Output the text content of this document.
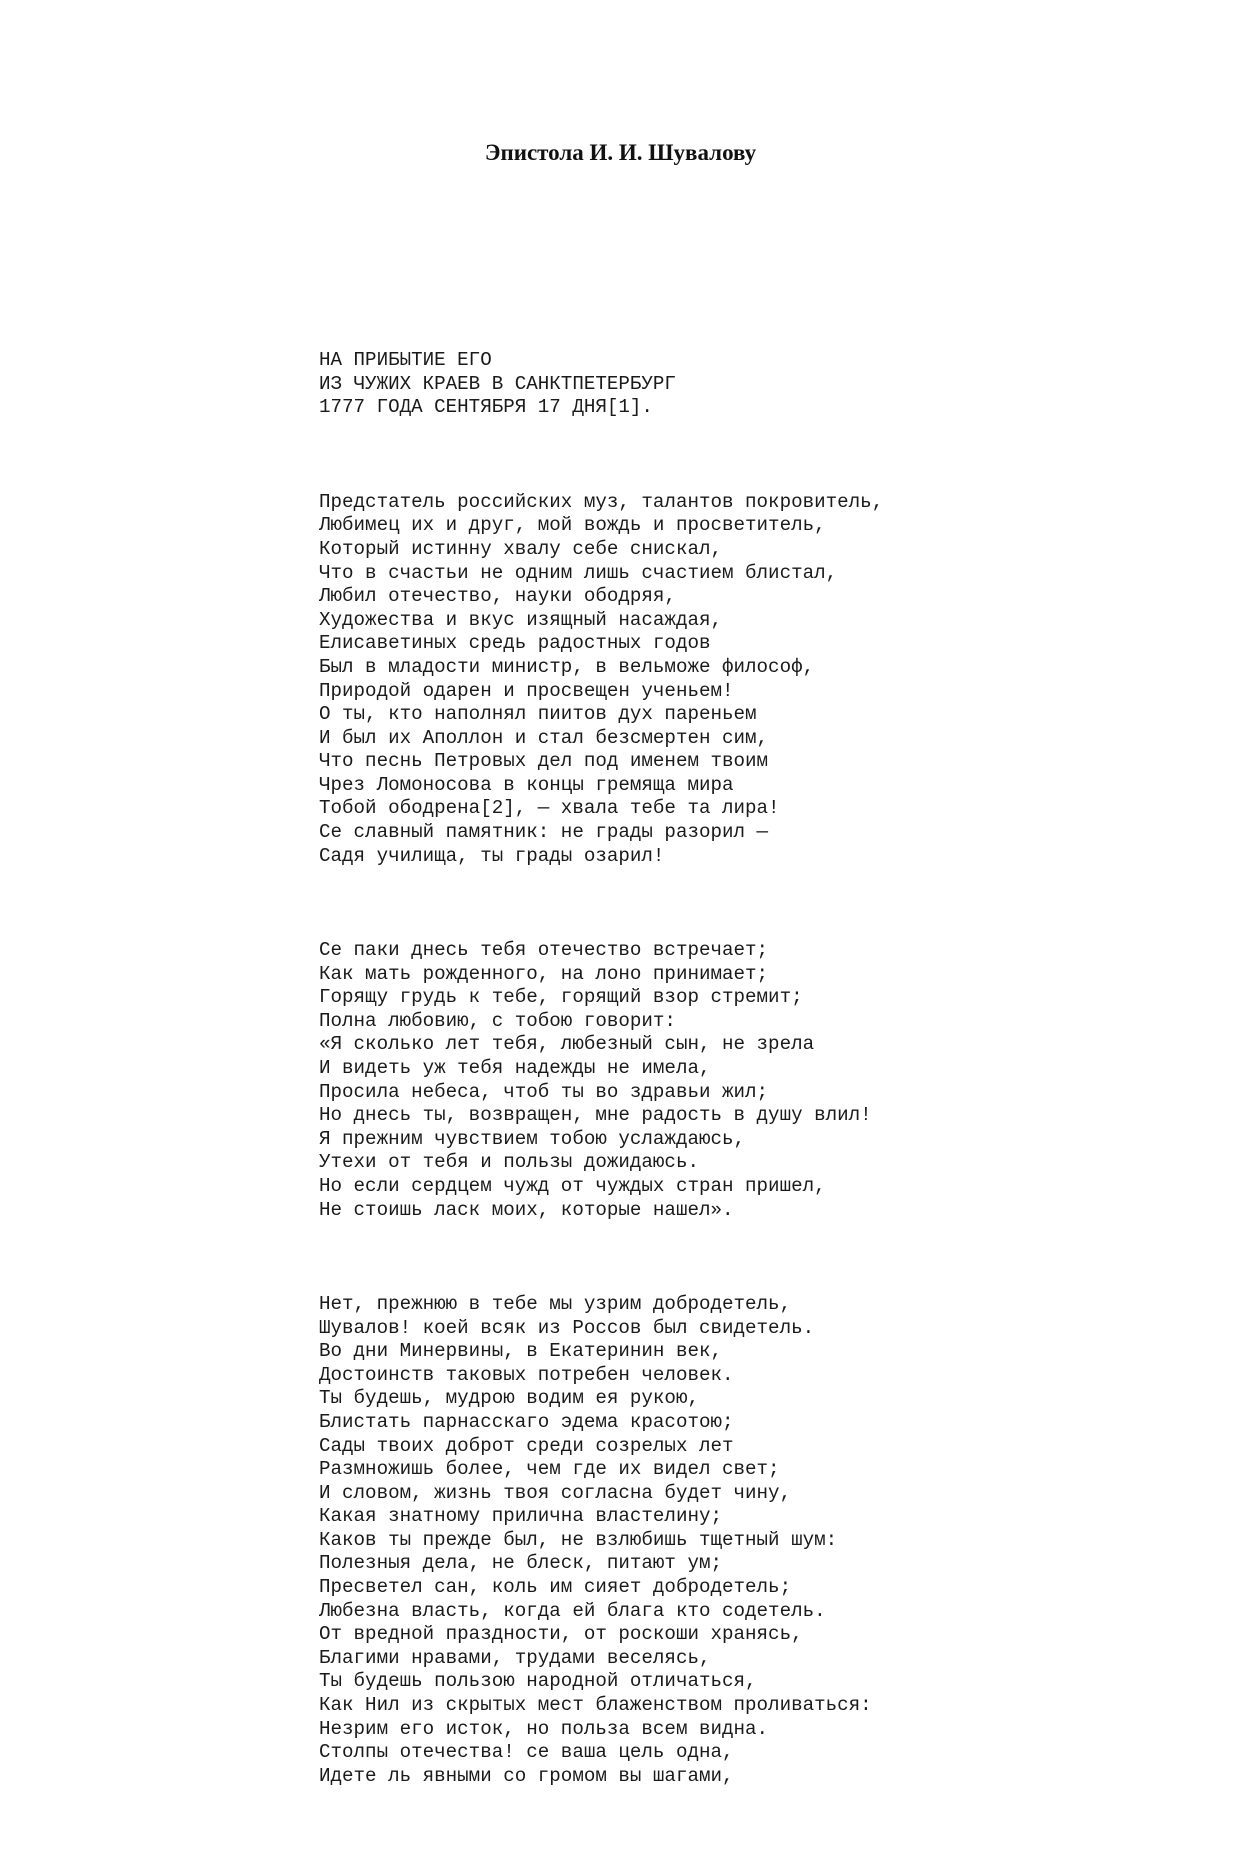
Эпистола И. И. Шувалову

НА ПРИБЫТИЕ ЕГО
ИЗ ЧУЖИХ КРАЕВ В САНКТПЕТЕРБУРГ
1777 ГОДА СЕНТЯБРЯ 17 ДНЯ[1].

Предстатель российских муз, талантов покровитель,
Любимец их и друг, мой вождь и просветитель,
Который истинну хвалу себе снискал,
Что в счастьи не одним лишь счастием блистал,
Любил отечество, науки ободряя,
Художества и вкус изящный насаждая,
Елисаветиных средь радостных годов
Был в младости министр, в вельможе философ,
Природой одарен и просвещен ученьем!
О ты, кто наполнял пиитов дух пареньем
И был их Аполлон и стал безсмертен сим,
Что песнь Петровых дел под именем твоим
Чрез Ломоносова в концы гремяща мира
Тобой ободрена[2], — хвала тебе та лира!
Се славный памятник: не грады разорил —
Садя училища, ты грады озарил!

Се паки днесь тебя отечество встречает;
Как мать рожденного, на лоно принимает;
Горящу грудь к тебе, горящий взор стремит;
Полна любовию, с тобою говорит:
«Я сколько лет тебя, любезный сын, не зрела
И видеть уж тебя надежды не имела,
Просила небеса, чтоб ты во здравьи жил;
Но днесь ты, возвращен, мне радость в душу влил!
Я прежним чувствием тобою услаждаюсь,
Утехи от тебя и пользы дожидаюсь.
Но если сердцем чужд от чуждых стран пришел,
Не стоишь ласк моих, которые нашел».

Нет, прежнюю в тебе мы узрим добродетель,
Шувалов! коей всяк из Россов был свидетель.
Во дни Минервины, в Екатеринин век,
Достоинств таковых потребен человек.
Ты будешь, мудрою водим ея рукою,
Блистать парнасскаго эдема красотою;
Сады твоих доброт среди созрелых лет
Размножишь более, чем где их видел свет;
И словом, жизнь твоя согласна будет чину,
Какая знатному прилична властелину;
Каков ты прежде был, не взлюбишь тщетный шум:
Полезныя дела, не блеск, питают ум;
Пресветел сан, коль им сияет добродетель;
Любезна власть, когда ей блага кто содетель.
От вредной праздности, от роскоши хранясь,
Благими нравами, трудами веселясь,
Ты будешь пользою народной отличаться,
Как Нил из скрытых мест блаженством проливаться:
Незрим его исток, но польза всем видна.
Столпы отечества! се ваша цель одна,
Идете ль явными со громом вы шагами,
